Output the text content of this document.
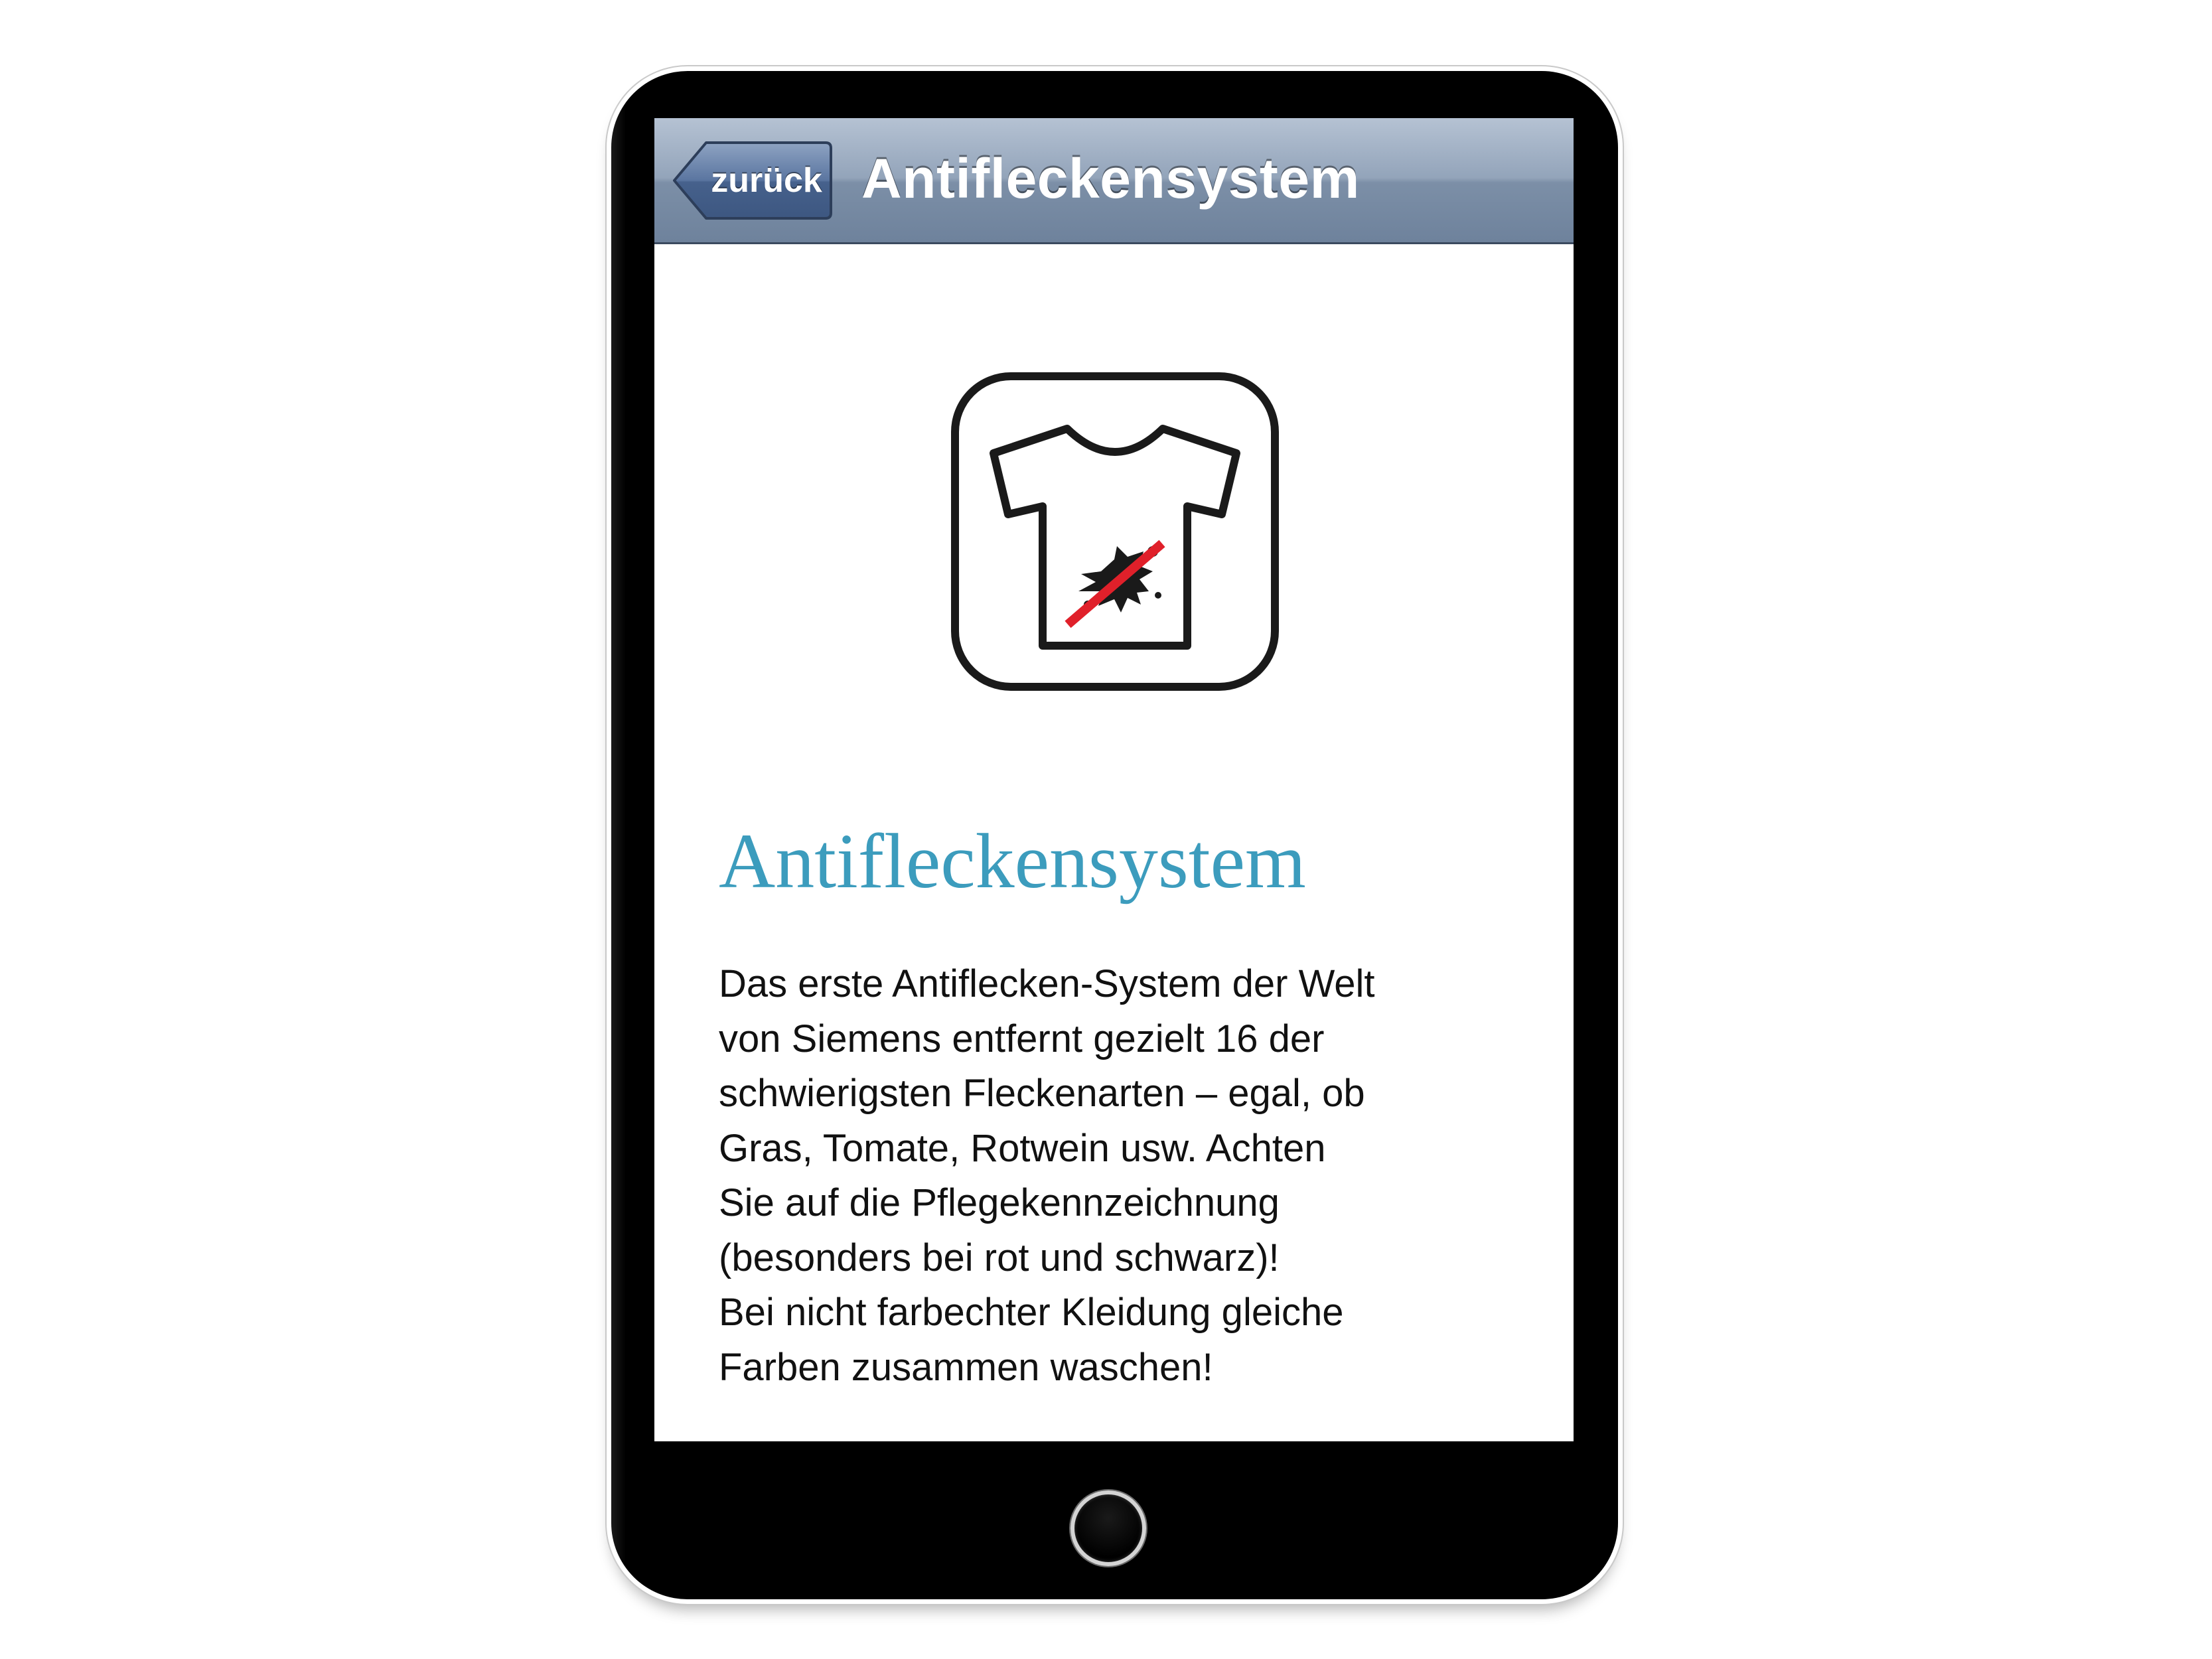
zurück Antifleckensystem
Antifleckensystem

Das erste Antiflecken-System der Welt
von Siemens entfernt gezielt 16 der
schwierigsten Fleckenarten – egal, ob
Gras, Tomate, Rotwein usw. Achten
Sie auf die Pflegekennzeichnung
(besonders bei rot und schwarz)!
Bei nicht farbechter Kleidung gleiche
Farben zusammen waschen!
